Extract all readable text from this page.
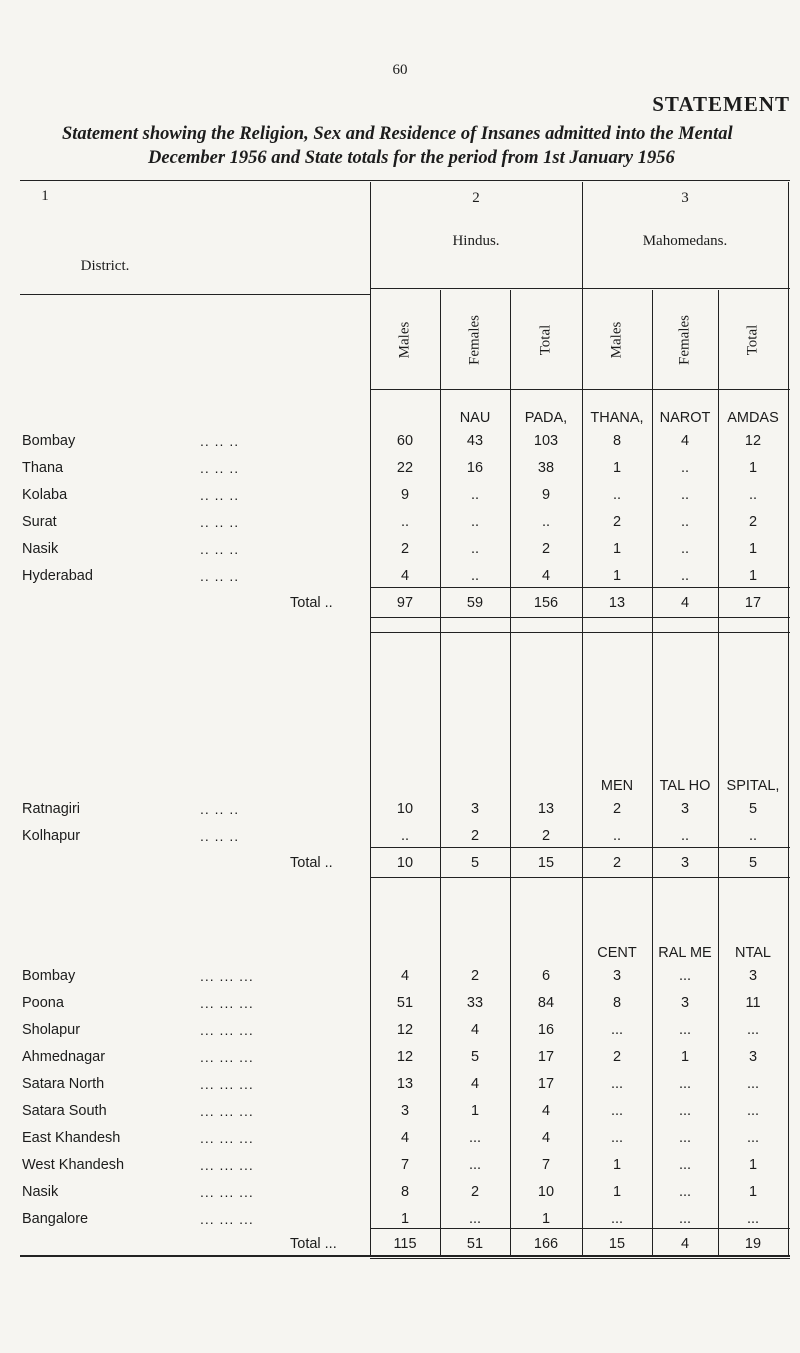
60
STATEMENT
Statement showing the Religion, Sex and Residence of Insanes admitted into the Mental
December 1956 and State totals for the period from 1st January 1956
1
District.
2
Hindus.
3
Mahomedans.
Males	Females	Total	Males	Females	Total
NAU PADA, THANA, NAROT AMDAS
Bombay	.. .. ..	60	43	103	8	4	12
Thana	.. .. ..	22	16	38	1	..	1
Kolaba	.. .. ..	9	..	9	..	..	..
Surat	.. .. ..	..	..	..	2	..	2
Nasik	.. .. ..	2	..	2	1	..	1
Hyderabad	.. .. ..	4	..	4	1	..	1
Total ..	97	59	156	13	4	17
MEN TAL HO SPITAL,
Ratnagiri	.. .. ..	10	3	13	2	3	5
Kolhapur	.. .. ..	..	2	2	..	..	..
Total ..	10	5	15	2	3	5
CENT RAL ME NTAL
Bombay	... ... ...	4	2	6	3	...	3
Poona	... ... ...	51	33	84	8	3	11
Sholapur	... ... ...	12	4	16	...	...	...
Ahmednagar	... ... ...	12	5	17	2	1	3
Satara North	... ... ...	13	4	17	...	...	...
Satara South	... ... ...	3	1	4	...	...	...
East Khandesh	... ... ...	4	...	4	...	...	...
West Khandesh	... ... ...	7	...	7	1	...	1
Nasik	... ... ...	8	2	10	1	...	1
Bangalore	... ... ...	1	...	1	...	...	...
Total ...	115	51	166	15	4	19
